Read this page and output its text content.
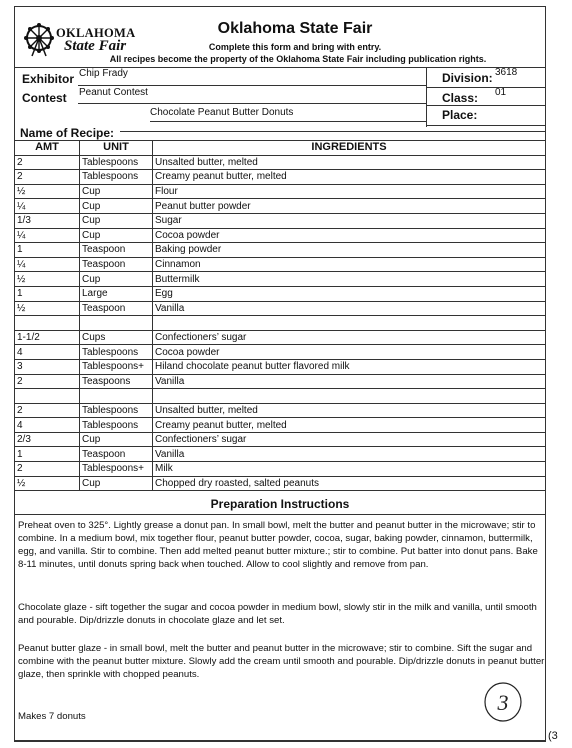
OKLAHOMA
State Fair
Oklahoma State Fair
Complete this form and bring with entry.
All recipes become the property of the Oklahoma State Fair including publication rights.
Exhibitor Chip Frady
Contest Peanut Contest
Chocolate Peanut Butter Donuts
Division: 3618
Class: 01
Place:
Name of Recipe:
AMT	UNIT	INGREDIENTS
2	Tablespoons	Unsalted butter, melted
2	Tablespoons	Creamy peanut butter, melted
½	Cup	Flour
¼	Cup	Peanut butter powder
1/3	Cup	Sugar
¼	Cup	Cocoa powder
1	Teaspoon	Baking powder
¼	Teaspoon	Cinnamon
½	Cup	Buttermilk
1	Large	Egg
½	Teaspoon	Vanilla

1-1/2	Cups	Confectioners’ sugar
4	Tablespoons	Cocoa powder
3	Tablespoons+	Hiland chocolate peanut butter flavored milk
2	Teaspoons	Vanilla

2	Tablespoons	Unsalted butter, melted
4	Tablespoons	Creamy peanut butter, melted
2/3	Cup	Confectioners’ sugar
1	Teaspoon	Vanilla
2	Tablespoons+	Milk
½	Cup	Chopped dry roasted, salted peanuts
Preparation Instructions
Preheat oven to 325°. Lightly grease a donut pan. In small bowl, melt the butter and peanut butter in the microwave; stir to combine. In a medium bowl, mix together flour, peanut butter powder, cocoa, sugar, baking powder, cinnamon, buttermilk, egg, and vanilla. Stir to combine. Then add melted peanut butter mixture.; stir to combine. Put batter into donut pans. Bake 8-11 minutes, until donuts spring back when touched. Allow to cool slightly and remove from pan.
Chocolate glaze - sift together the sugar and cocoa powder in medium bowl, slowly stir in the milk and vanilla, until smooth and pourable. Dip/drizzle donuts in chocolate glaze and let set.
Peanut butter glaze - in small bowl, melt the butter and peanut butter in the microwave; stir to combine. Sift the sugar and combine with the peanut butter mixture. Slowly add the cream until smooth and pourable. Dip/drizzle donuts in peanut butter glaze, then sprinkle with chopped peanuts.
Makes 7 donuts
3
(3
